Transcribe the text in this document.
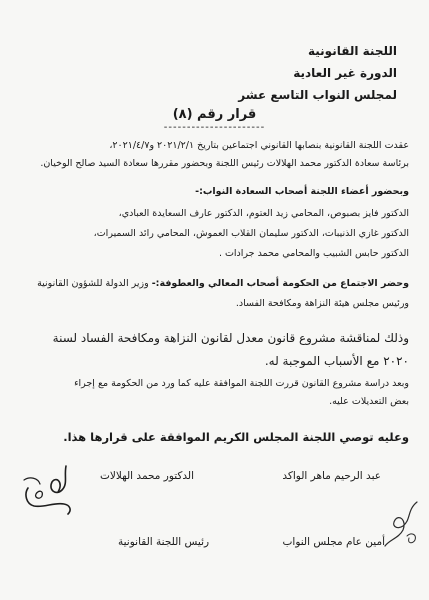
اللجنة القانونية
الدورة غير العادية
لمجلس النواب التاسع عشر
قرار رقم (٨)
----------------------
عقدت اللجنة القانونية بنصابها القانوني اجتماعين بتاريخ ٢٠٢١/٢/١ و٢٠٢١/٤/٧،
برئاسة سعادة الدكتور محمد الهلالات رئيس اللجنة وبحضور مقررها سعادة السيد صالح الوخيان.
وبحضور أعضاء اللجنة أصحاب السعادة النواب:-
الدكتور فايز بصبوص، المحامي زيد العتوم، الدكتور عارف السعايدة العبادي،
الدكتور غازي الذنيبات، الدكتور سليمان القلاب العموش، المحامي رائد السميرات،
الدكتور حابس الشبيب والمحامي محمد جرادات .
وحضر الاجتماع من الحكومة أصحاب المعالي والعطوفة:- وزير الدولة للشؤون القانونية
ورئيس مجلس هيئة النزاهة ومكافحة الفساد.
وذلك لمناقشة مشروع قانون معدل لقانون النزاهة ومكافحة الفساد لسنة
٢٠٢٠ مع الأسباب الموجبة له.
وبعد دراسة مشروع القانون قررت اللجنة الموافقة عليه كما ورد من الحكومة مع إجراء
بعض التعديلات عليه.
وعليه توصي اللجنة المجلس الكريم الموافقة على قرارها هذا.
عبد الرحيم ماهر الواكد
أمين عام مجلس النواب
الدكتور محمد الهلالات
رئيس اللجنة القانونية
